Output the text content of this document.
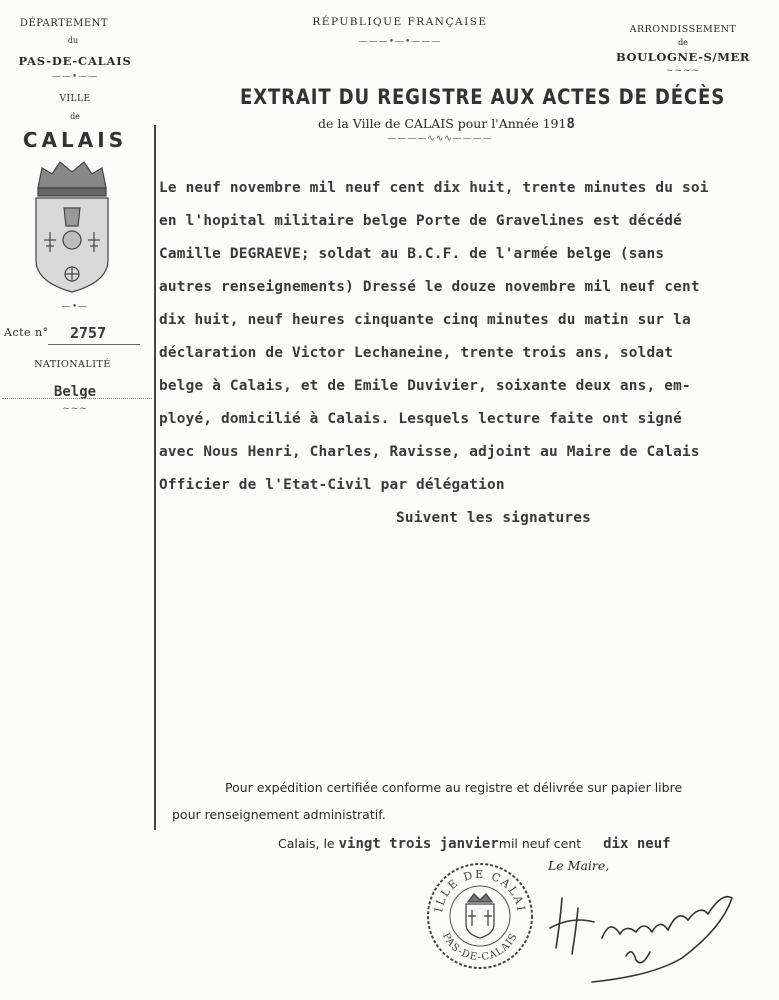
DÉPARTEMENT
du
PAS-DE-CALAIS
——•——
VILLE
de
CALAIS
—•—
Acte n° 2757
NATIONALITÉ
Belge
~~~
RÉPUBLIQUE FRANÇAISE
———•—•———
ARRONDISSEMENT
de
BOULOGNE-S/MER
~~~~
EXTRAIT DU REGISTRE AUX ACTES DE DÉCÈS
de la Ville de CALAIS pour l'Année 1918
————∿∿∿————
Le neuf novembre mil neuf cent dix huit, trente minutes du soi
en l'hopital militaire belge Porte de Gravelines est décédé
Camille DEGRAEVE; soldat au B.C.F. de l'armée belge (sans
autres renseignements) Dressé le douze novembre mil neuf cent
dix huit, neuf heures cinquante cinq minutes du matin sur la
déclaration de Victor Lechaneine, trente trois ans, soldat
belge à Calais, et de Emile Duvivier, soixante deux ans, em-
ployé, domicilié à Calais. Lesquels lecture faite ont signé
avec Nous Henri, Charles, Ravisse, adjoint au Maire de Calais
Officier de l'Etat-Civil par délégation
Suivent les signatures
Pour expédition certifiée conforme au registre et délivrée sur papier libre
pour renseignement administratif.
Calais, le vingt trois janviermil neuf cent dix neuf
Le Maire,
ILLE DE CALAI
PAS-DE-CALAIS
